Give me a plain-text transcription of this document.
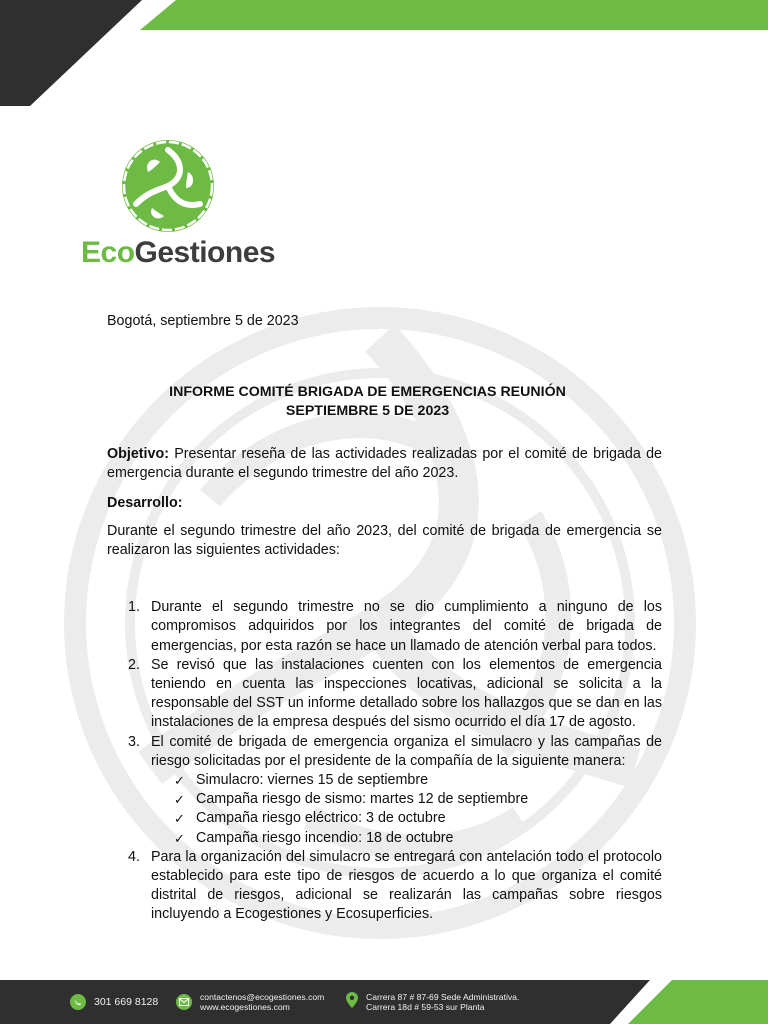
EcoGestiones

Bogotá, septiembre 5 de 2023

INFORME COMITÉ BRIGADA DE EMERGENCIAS REUNIÓN
SEPTIEMBRE 5 DE 2023

Objetivo: Presentar reseña de las actividades realizadas por el comité de brigada de emergencia durante el segundo trimestre del año 2023.

Desarrollo:

Durante el segundo trimestre del año 2023, del comité de brigada de emergencia se realizaron las siguientes actividades:

1. Durante el segundo trimestre no se dio cumplimiento a ninguno de los compromisos adquiridos por los integrantes del comité de brigada de emergencias, por esta razón se hace un llamado de atención verbal para todos.
2. Se revisó que las instalaciones cuenten con los elementos de emergencia teniendo en cuenta las inspecciones locativas, adicional se solicita a la responsable del SST un informe detallado sobre los hallazgos que se dan en las instalaciones de la empresa después del sismo ocurrido el día 17 de agosto.
3. El comité de brigada de emergencia organiza el simulacro y las campañas de riesgo solicitadas por el presidente de la compañía de la siguiente manera:
✓ Simulacro: viernes 15 de septiembre
✓ Campaña riesgo de sismo: martes 12 de septiembre
✓ Campaña riesgo eléctrico: 3 de octubre
✓ Campaña riesgo incendio: 18 de octubre
4. Para la organización del simulacro se entregará con antelación todo el protocolo establecido para este tipo de riesgos de acuerdo a lo que organiza el comité distrital de riesgos, adicional se realizarán las campañas sobre riesgos incluyendo a Ecogestiones y Ecosuperficies.
301 669 8128	contactenos@ecogestiones.com
www.ecogestiones.com
Carrera 87 # 87-69 Sede Administrativa.
Carrera 18d # 59-53 sur Planta
